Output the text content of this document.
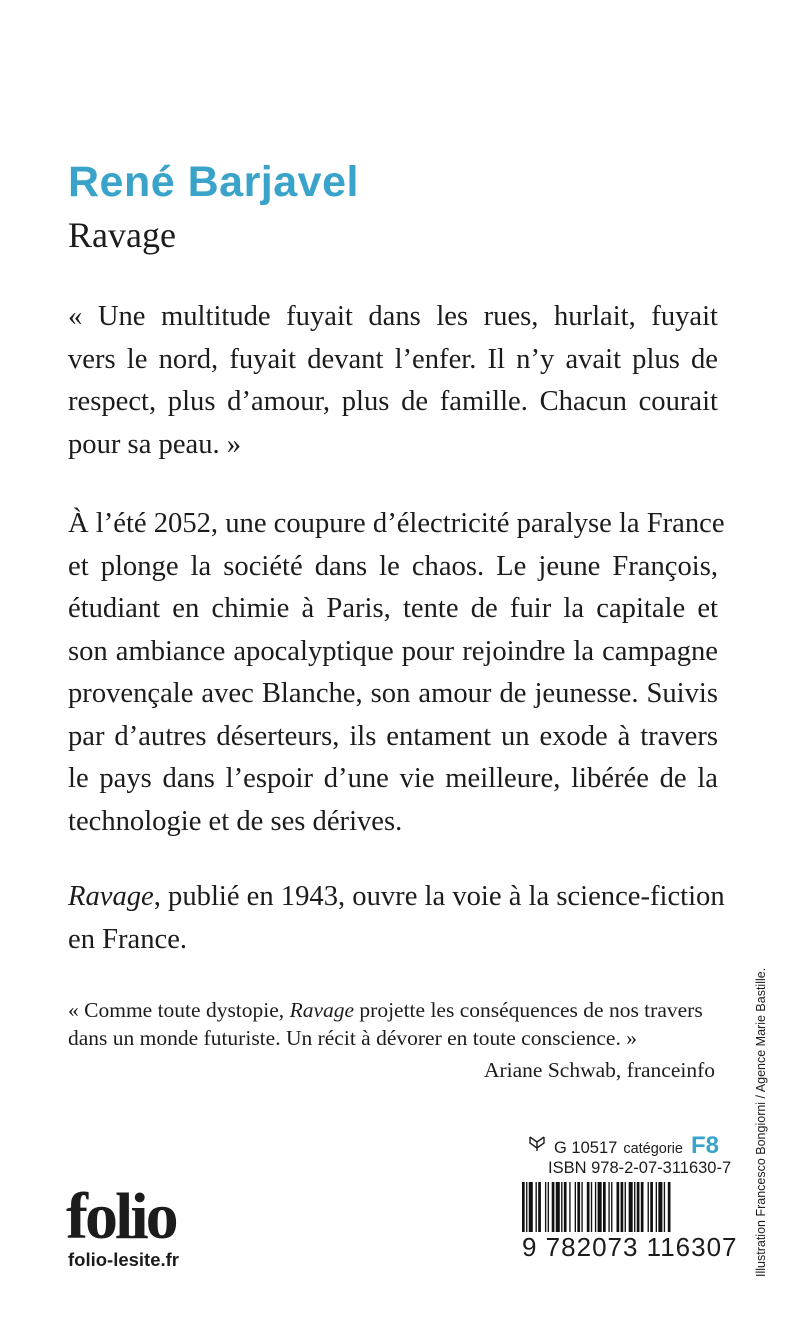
René Barjavel
Ravage
« Une multitude fuyait dans les rues, hurlait, fuyait
vers le nord, fuyait devant l’enfer. Il n’y avait plus de
respect, plus d’amour, plus de famille. Chacun courait
pour sa peau. »
À l’été 2052, une coupure d’électricité paralyse la France
et plonge la société dans le chaos. Le jeune François,
étudiant en chimie à Paris, tente de fuir la capitale et
son ambiance apocalyptique pour rejoindre la campagne
provençale avec Blanche, son amour de jeunesse. Suivis
par d’autres déserteurs, ils entament un exode à travers
le pays dans l’espoir d’une vie meilleure, libérée de la
technologie et de ses dérives.
Ravage, publié en 1943, ouvre la voie à la science-fiction
en France.
« Comme toute dystopie, Ravage projette les conséquences de nos travers
dans un monde futuriste. Un récit à dévorer en toute conscience. »
Ariane Schwab, franceinfo
G 10517 catégorie F8
ISBN 978-2-07-311630-7
9 782073 116307
folio
folio-lesite.fr	Illustration Francesco Bongiorni / Agence Marie Bastille.
